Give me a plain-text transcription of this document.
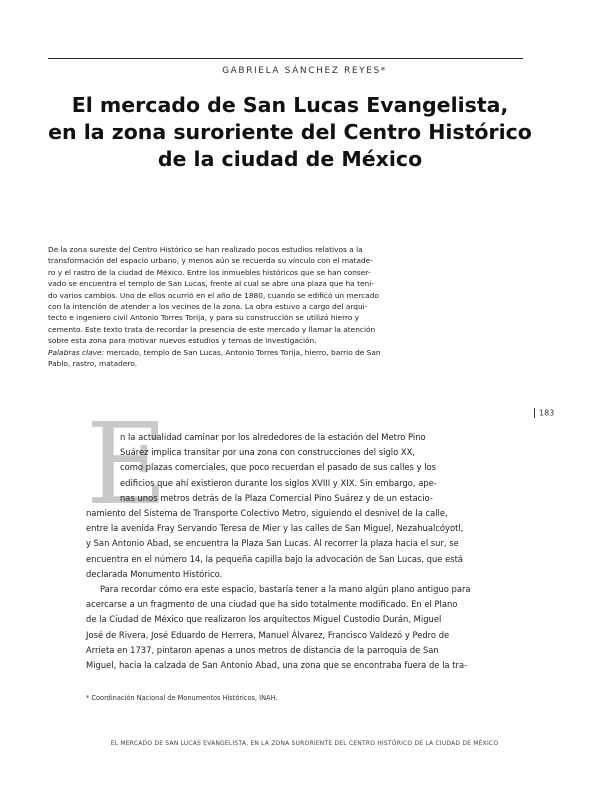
GABRIELA SÁNCHEZ REYES*
El mercado de San Lucas Evangelista,
en la zona suroriente del Centro Histórico
de la ciudad de México
De la zona sureste del Centro Histórico se han realizado pocos estudios relativos a la
transformación del espacio urbano, y menos aún se recuerda su vínculo con el matade-
ro y el rastro de la ciudad de México. Entre los inmuebles históricos que se han conser-
vado se encuentra el templo de San Lucas, frente al cual se abre una plaza que ha teni-
do varios cambios. Uno de ellos ocurrió en el año de 1880, cuando se edificó un mercado
con la intención de atender a los vecinos de la zona. La obra estuvo a cargo del arqui-
tecto e ingeniero civil Antonio Torres Torija, y para su construcción se utilizó hierro y
cemento. Este texto trata de recordar la presencia de este mercado y llamar la atención
sobre esta zona para motivar nuevos estudios y temas de investigación.
Palabras clave: mercado, templo de San Lucas, Antonio Torres Torija, hierro, barrio de San
Pablo, rastro, matadero.
183
E
n la actualidad caminar por los alrededores de la estación del Metro Pino
Suárez implica transitar por una zona con construcciones del siglo XX,
como plazas comerciales, que poco recuerdan el pasado de sus calles y los
edificios que ahí existieron durante los siglos XVIII y XIX. Sin embargo, ape-
nas unos metros detrás de la Plaza Comercial Pino Suárez y de un estacio-
namiento del Sistema de Transporte Colectivo Metro, siguiendo el desnivel de la calle,
entre la avenida Fray Servando Teresa de Mier y las calles de San Miguel, Nezahualcóyotl,
y San Antonio Abad, se encuentra la Plaza San Lucas. Al recorrer la plaza hacia el sur, se
encuentra en el número 14, la pequeña capilla bajo la advocación de San Lucas, que está
declarada Monumento Histórico.
Para recordar cómo era este espacio, bastaría tener a la mano algún plano antiguo para
acercarse a un fragmento de una ciudad que ha sido totalmente modificado. En el Plano
de la Ciudad de México que realizaron los arquitectos Miguel Custodio Durán, Miguel
José de Rivera, José Eduardo de Herrera, Manuel Álvarez, Francisco Valdezó y Pedro de
Arrieta en 1737, pintaron apenas a unos metros de distancia de la parroquia de San
Miguel, hacia la calzada de San Antonio Abad, una zona que se encontraba fuera de la tra-
* Coordinación Nacional de Monumentos Históricos, INAH.
EL MERCADO DE SAN LUCAS EVANGELISTA, EN LA ZONA SURORIENTE DEL CENTRO HISTÓRICO DE LA CIUDAD DE MÉXICO
